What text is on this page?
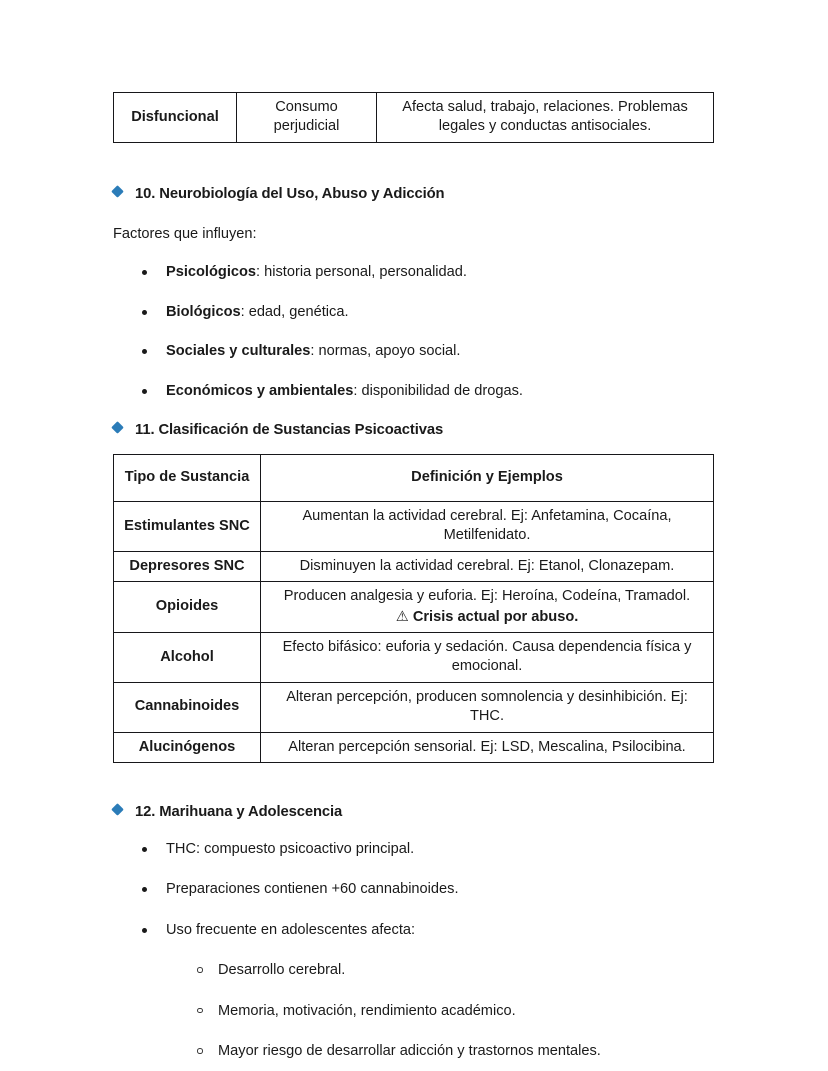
Disfuncional	Consumo perjudicial	Afecta salud, trabajo, relaciones. Problemas legales y conductas antisociales.
10. Neurobiología del Uso, Abuso y Adicción
Factores que influyen:
Psicológicos: historia personal, personalidad.
Biológicos: edad, genética.
Sociales y culturales: normas, apoyo social.
Económicos y ambientales: disponibilidad de drogas.
11. Clasificación de Sustancias Psicoactivas
Tipo de Sustancia	Definición y Ejemplos
Estimulantes SNC	Aumentan la actividad cerebral. Ej: Anfetamina, Cocaína, Metilfenidato.
Depresores SNC	Disminuyen la actividad cerebral. Ej: Etanol, Clonazepam.
Opioides	Producen analgesia y euforia. Ej: Heroína, Codeína, Tramadol.
⚠ Crisis actual por abuso.

Alcohol	Efecto bifásico: euforia y sedación. Causa dependencia física y emocional.
Cannabinoides	Alteran percepción, producen somnolencia y desinhibición. Ej: THC.
Alucinógenos	Alteran percepción sensorial. Ej: LSD, Mescalina, Psilocibina.
12. Marihuana y Adolescencia
THC: compuesto psicoactivo principal.
Preparaciones contienen +60 cannabinoides.
Uso frecuente en adolescentes afecta:
Desarrollo cerebral.
Memoria, motivación, rendimiento académico.
Mayor riesgo de desarrollar adicción y trastornos mentales.
